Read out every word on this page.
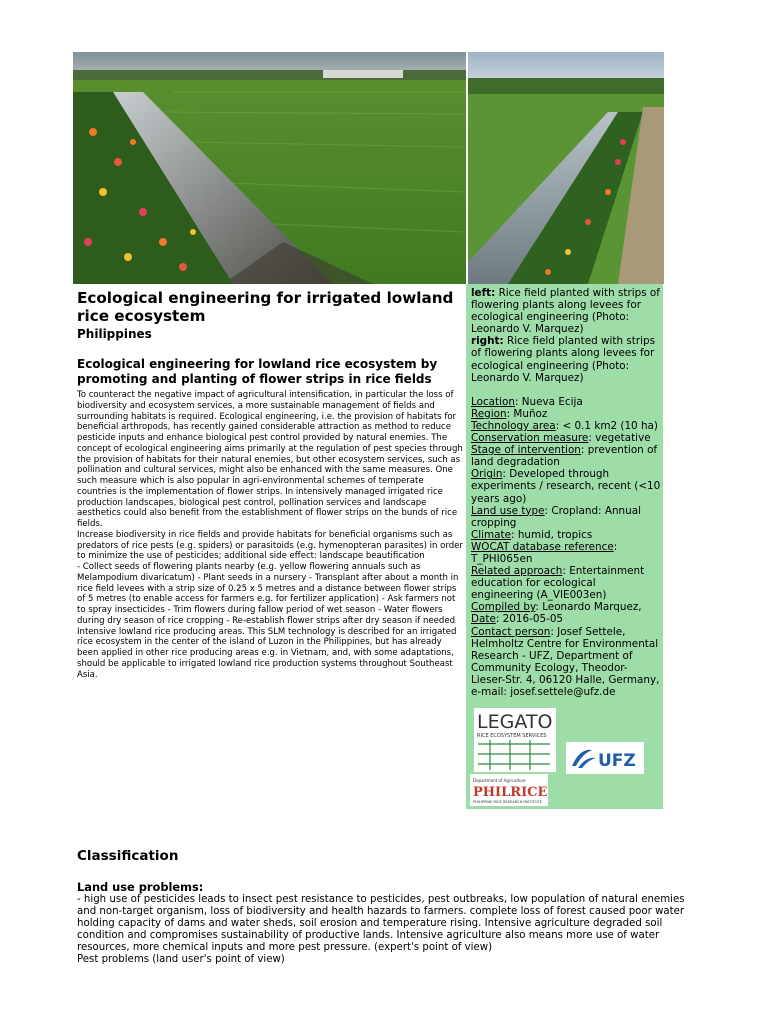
left: Rice field planted with strips of flowering plants along levees for ecological engineering (Photo: Leonardo V. Marquez)

right: Rice field planted with strips of flowering plants along levees for ecological engineering (Photo: Leonardo V. Marquez)

Location: Nueva Ecija

Region: Muñoz

Technology area: < 0.1 km2 (10 ha)

Conservation measure: vegetative

Stage of intervention: prevention of land degradation

Origin: Developed through experiments / research, recent (<10 years ago)

Land use type: Cropland: Annual cropping

Climate: humid, tropics

WOCAT database reference: T_PHI065en

Related approach: Entertainment education for ecological engineering (A_VIE003en)

Compiled by: Leonardo Marquez,

Date: 2016-05-05

Contact person: Josef Settele, Helmholtz Centre for Environmental Research - UFZ, Department of Community Ecology, Theodor-Lieser-Str. 4, 06120 Halle, Germany, e-mail: josef.settele@ufz.de

LEGATO
RICE ECOSYSTEM SERVICES
UFZ
Department of Agriculture
PHILRICE
PHILIPPINE RICE RESEARCH INSTITUTE
Ecological engineering for irrigated lowland rice ecosystem
Philippines
Ecological engineering for lowland rice ecosystem by promoting and planting of flower strips in rice fields

To counteract the negative impact of agricultural intensification, in particular the loss of biodiversity and ecosystem services, a more sustainable management of fields and surrounding habitats is required. Ecological engineering, i.e. the provision of habitats for beneficial arthropods, has recently gained considerable attraction as method to reduce pesticide inputs and enhance biological pest control provided by natural enemies. The concept of ecological engineering aims primarily at the regulation of pest species through the provision of habitats for their natural enemies, but other ecosystem services, such as pollination and cultural services, might also be enhanced with the same measures. One such measure which is also popular in agri-environmental schemes of temperate countries is the implementation of flower strips. In intensively managed irrigated rice production landscapes, biological pest control, pollination services and landscape aesthetics could also benefit from the establishment of flower strips on the bunds of rice fields.

Increase biodiversity in rice fields and provide habitats for beneficial organisms such as predators of rice pests (e.g. spiders) or parasitoids (e.g. hymenopteran parasites) in order to minimize the use of pesticides; additional side effect: landscape beautification

- Collect seeds of flowering plants nearby (e.g. yellow flowering annuals such as Melampodium divaricatum) - Plant seeds in a nursery - Transplant after about a month in rice field levees with a strip size of 0.25 x 5 metres and a distance between flower strips of 5 metres (to enable access for farmers e.g. for fertilizer application) - Ask farmers not to spray insecticides - Trim flowers during fallow period of wet season - Water flowers during dry season of rice cropping - Re-establish flower strips after dry season if needed

Intensive lowland rice producing areas. This SLM technology is described for an irrigated rice ecosystem in the center of the island of Luzon in the Philippines, but has already been applied in other rice producing areas e.g. in Vietnam, and, with some adaptations, should be applicable to irrigated lowland rice production systems throughout Southeast Asia.

Classification
Land use problems:

- high use of pesticides leads to insect pest resistance to pesticides, pest outbreaks, low population of natural enemies and non-target organism, loss of biodiversity and health hazards to farmers. complete loss of forest caused poor water holding capacity of dams and water sheds, soil erosion and temperature rising. Intensive agriculture degraded soil condition and compromises sustainability of productive lands. Intensive agriculture also means more use of water resources, more chemical inputs and more pest pressure. (expert's point of view)

Pest problems (land user's point of view)
